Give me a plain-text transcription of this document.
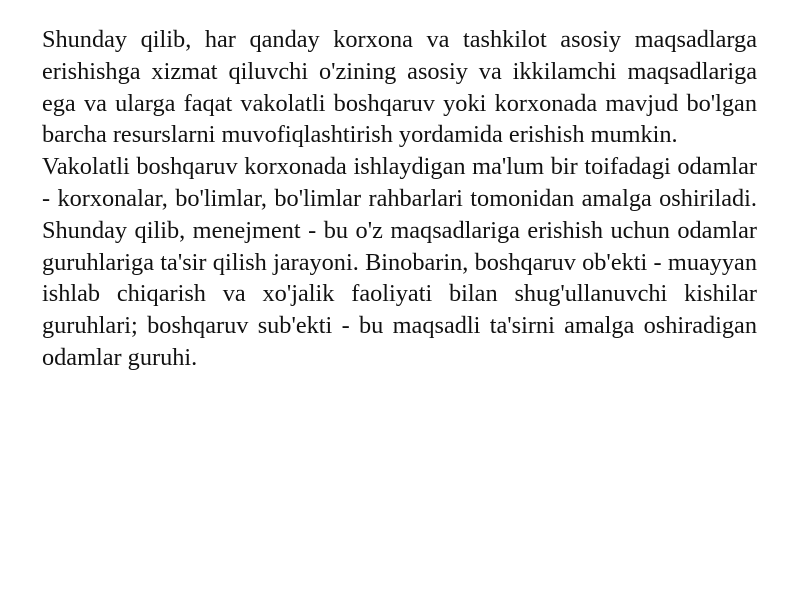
Shunday qilib, har qanday korxona va tashkilot asosiy maqsadlarga erishishga xizmat qiluvchi o'zining asosiy va ikkilamchi maqsadlariga ega va ularga faqat vakolatli boshqaruv yoki korxonada mavjud bo'lgan barcha resurslarni muvofiqlashtirish yordamida erishish mumkin.

Vakolatli boshqaruv korxonada ishlaydigan ma'lum bir toifadagi odamlar - korxonalar, bo'limlar, bo'limlar rahbarlari tomonidan amalga oshiriladi. Shunday qilib, menejment - bu o'z maqsadlariga erishish uchun odamlar guruhlariga ta'sir qilish jarayoni. Binobarin, boshqaruv ob'ekti - muayyan ishlab chiqarish va xo'jalik faoliyati bilan shug'ullanuvchi kishilar guruhlari; boshqaruv sub'ekti - bu maqsadli ta'sirni amalga oshiradigan odamlar guruhi.
